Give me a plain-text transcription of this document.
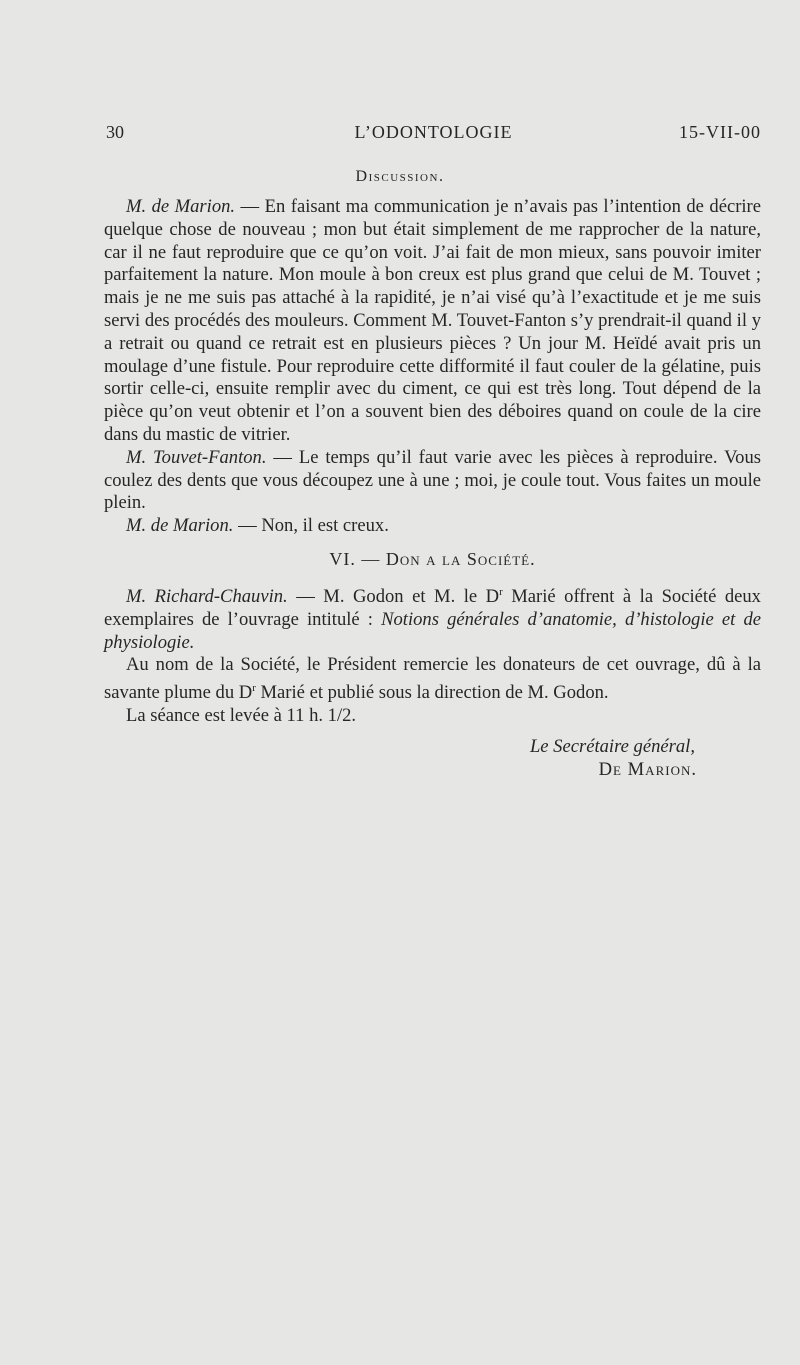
30	L’ODONTOLOGIE	15-VII-00
Discussion.

M. de Marion. — En faisant ma communication je n’avais pas l’intention de décrire quelque chose de nouveau ; mon but était simplement de me rapprocher de la nature, car il ne faut reproduire que ce qu’on voit. J’ai fait de mon mieux, sans pouvoir imiter parfaitement la nature. Mon moule à bon creux est plus grand que celui de M. Touvet ; mais je ne me suis pas attaché à la rapidité, je n’ai visé qu’à l’exactitude et je me suis servi des procédés des mouleurs. Comment M. Touvet-Fanton s’y prendrait-il quand il y a retrait ou quand ce retrait est en plusieurs pièces ? Un jour M. Heïdé avait pris un moulage d’une fistule. Pour reproduire cette difformité il faut couler de la gélatine, puis sortir celle-ci, ensuite remplir avec du ciment, ce qui est très long. Tout dépend de la pièce qu’on veut obtenir et l’on a souvent bien des déboires quand on coule de la cire dans du mastic de vitrier.

M. Touvet-Fanton. — Le temps qu’il faut varie avec les pièces à reproduire. Vous coulez des dents que vous découpez une à une ; moi, je coule tout. Vous faites un moule plein.

M. de Marion. — Non, il est creux.

VI. — Don a la Société.

M. Richard-Chauvin. — M. Godon et M. le $D^r$ Marié offrent à la Société deux exemplaires de l’ouvrage intitulé : Notions générales d’anatomie, d’histologie et de physiologie.

Au nom de la Société, le Président remercie les donateurs de cet ouvrage, dû à la savante plume du $D^r$ Marié et publié sous la direction de M. Godon.

La séance est levée à 11 h. 1/2.

Le Secrétaire général,
De Marion.
